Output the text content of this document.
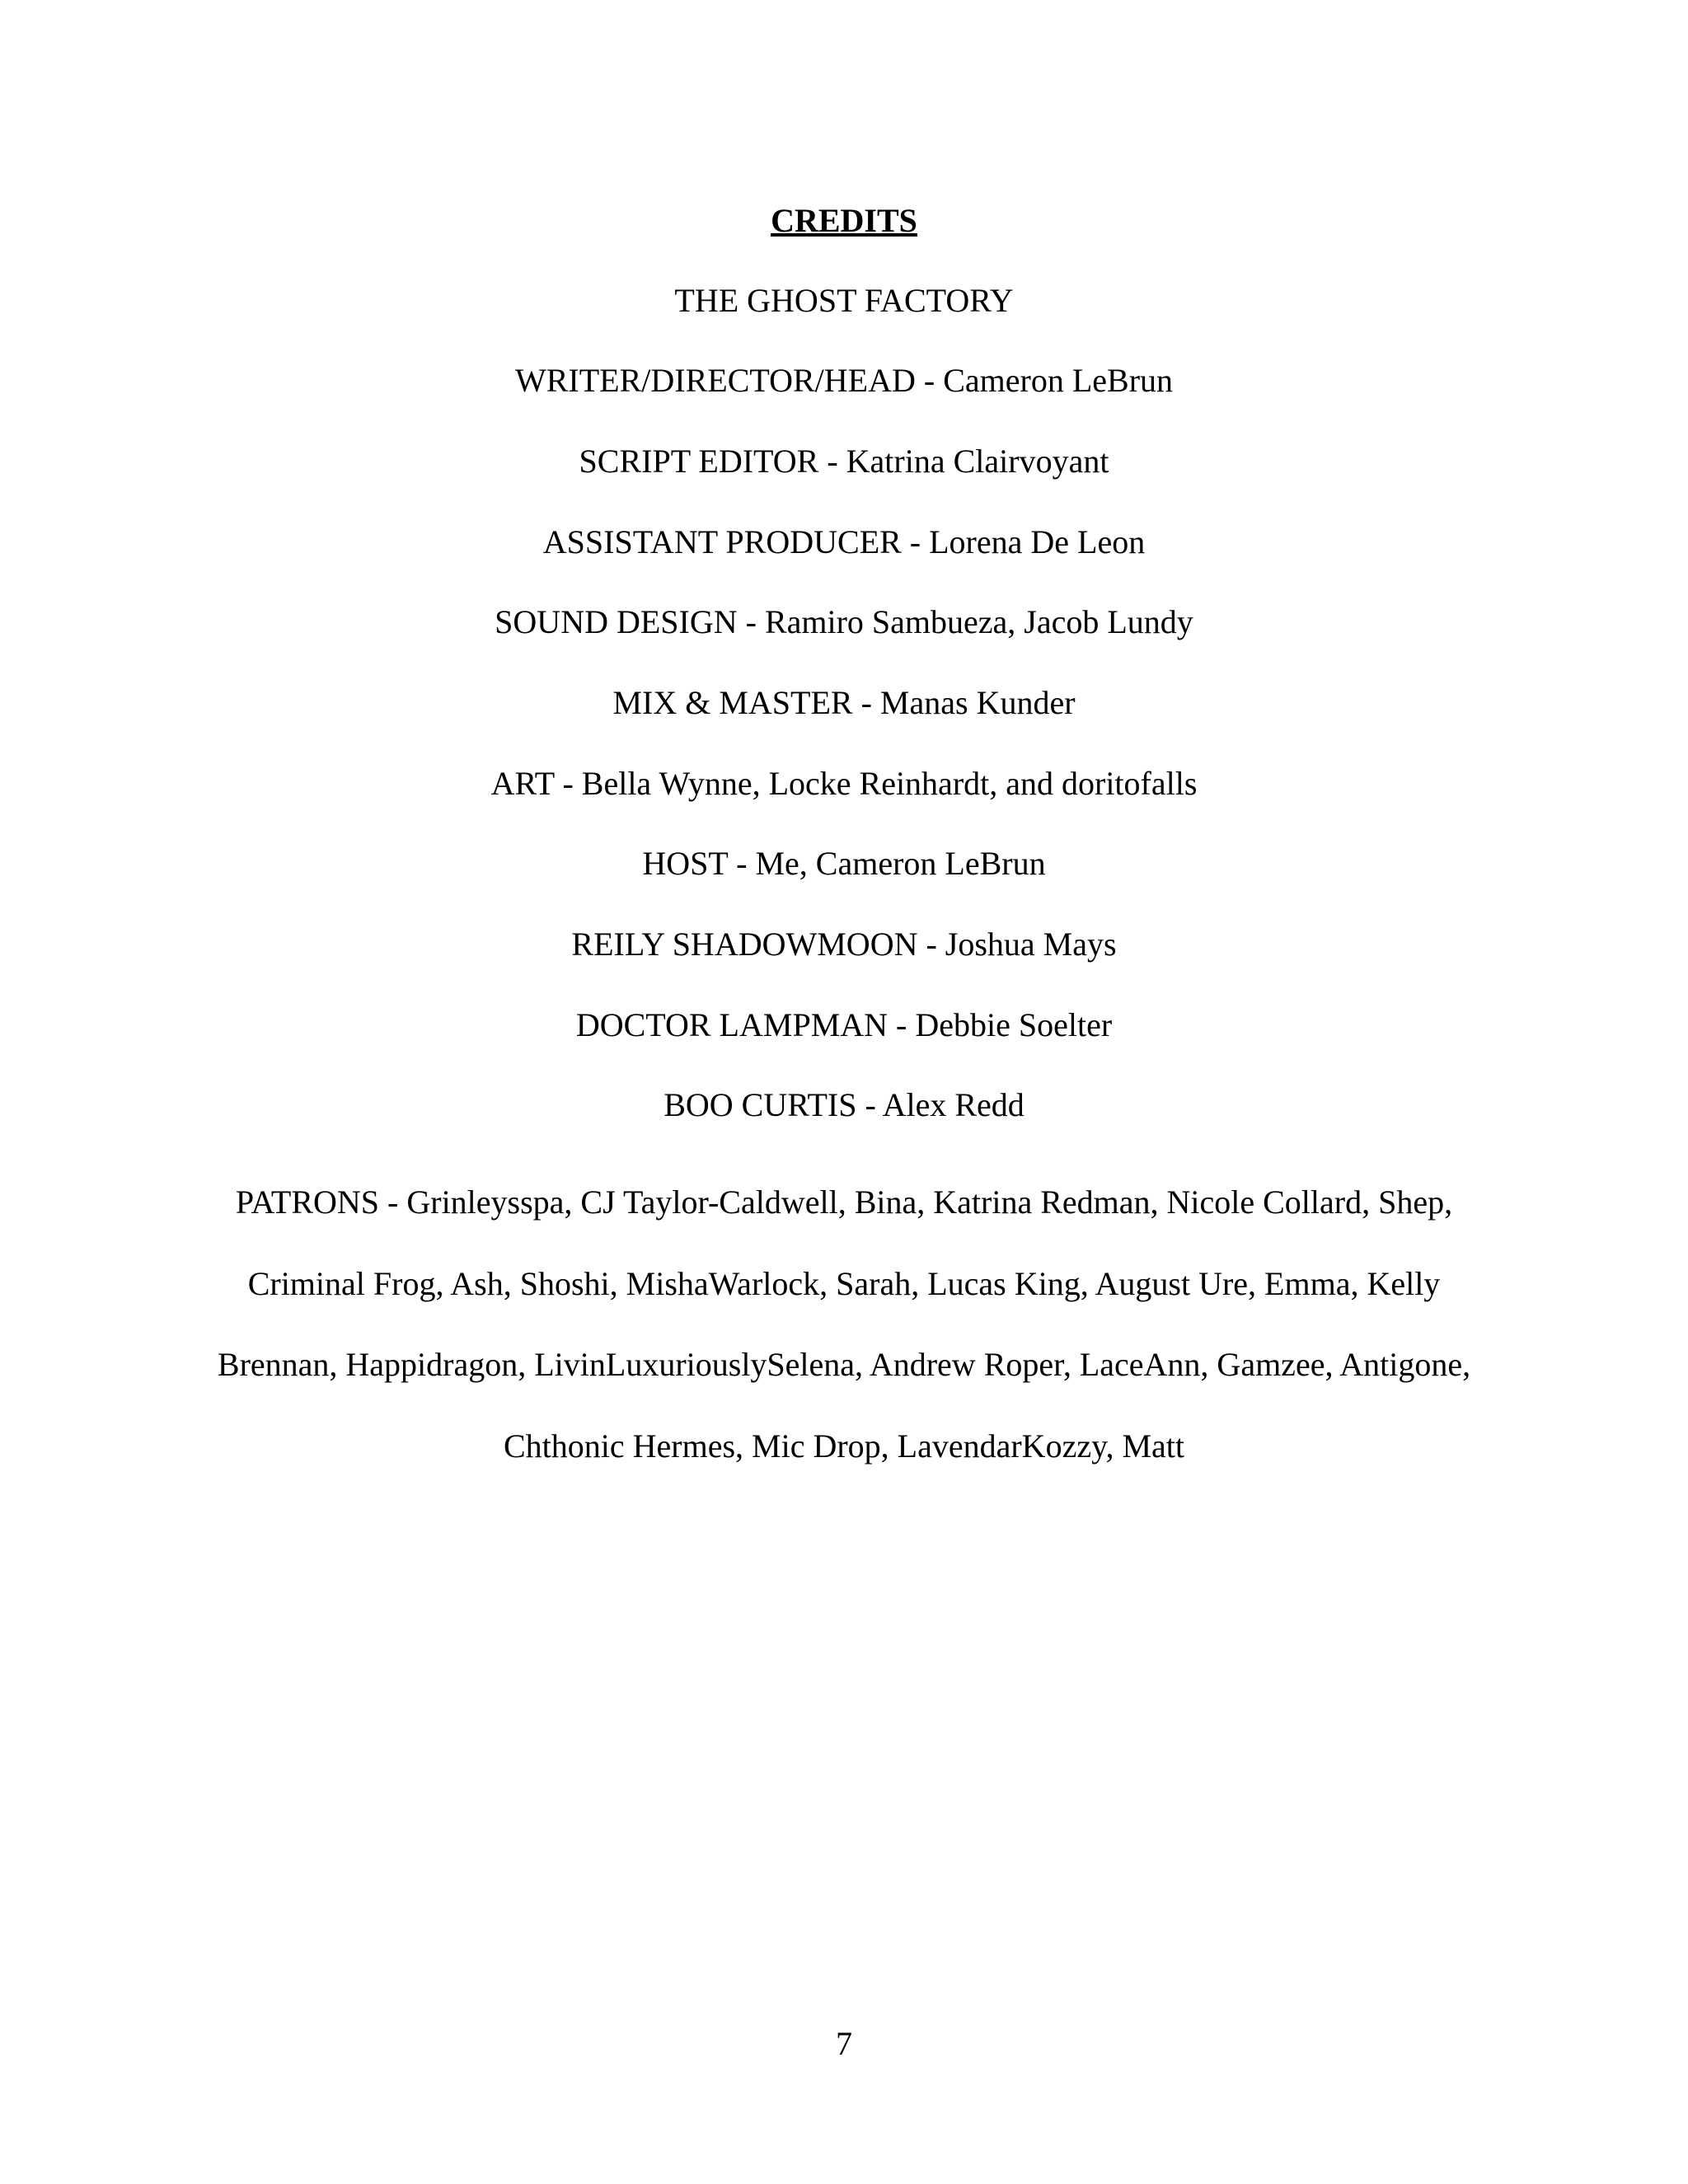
CREDITS
THE GHOST FACTORY
WRITER/DIRECTOR/HEAD - Cameron LeBrun
SCRIPT EDITOR - Katrina Clairvoyant
ASSISTANT PRODUCER - Lorena De Leon
SOUND DESIGN - Ramiro Sambueza, Jacob Lundy
MIX & MASTER - Manas Kunder
ART - Bella Wynne, Locke Reinhardt, and doritofalls
HOST - Me, Cameron LeBrun
REILY SHADOWMOON - Joshua Mays
DOCTOR LAMPMAN - Debbie Soelter
BOO CURTIS - Alex Redd
PATRONS - Grinleysspa, CJ Taylor-Caldwell, Bina, Katrina Redman, Nicole Collard, Shep, Criminal Frog, Ash, Shoshi, MishaWarlock, Sarah, Lucas King, August Ure, Emma, Kelly Brennan, Happidragon, LivinLuxuriouslySelena, Andrew Roper, LaceAnn, Gamzee, Antigone, Chthonic Hermes, Mic Drop, LavendarKozzy, Matt
7
